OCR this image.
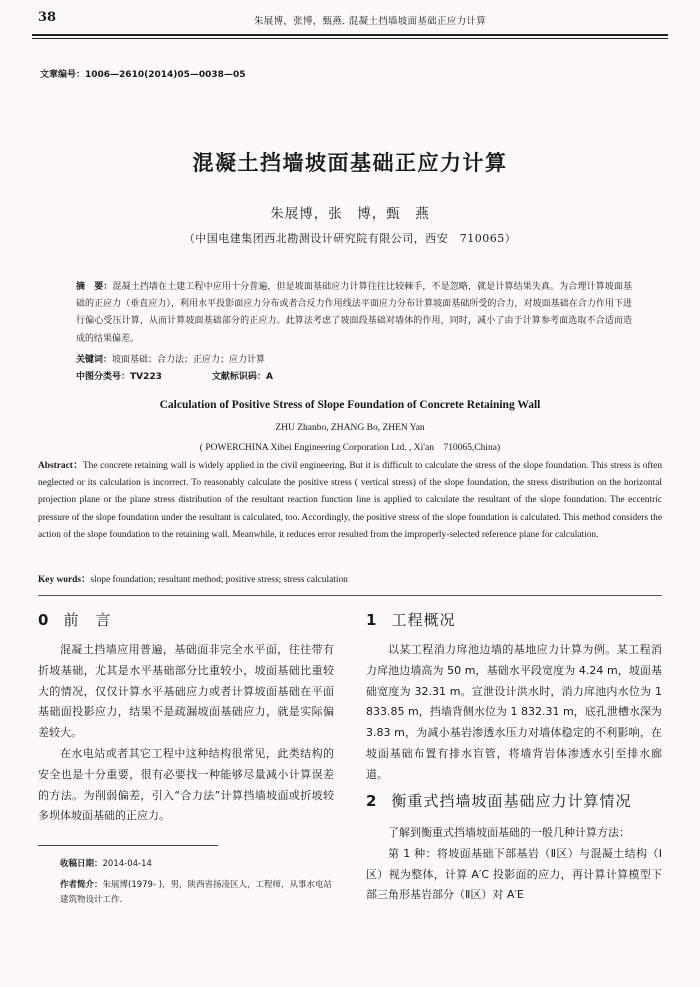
38	朱展博，张博，甄燕. 混凝土挡墙坡面基础正应力计算
文章编号：1006—2610(2014)05—0038—05
混凝土挡墙坡面基础正应力计算
朱展博，张　博，甄　燕
（中国电建集团西北勘测设计研究院有限公司，西安　710065）
摘　要：混凝土挡墙在土建工程中应用十分普遍，但是坡面基础应力计算往往比较棘手，不是忽略，就是计算结果失真。为合理计算坡面基础的正应力（垂直应力），利用水平投影面应力分布或者合反力作用线法平面应力分布计算坡面基础所受的合力，对坡面基础在合力作用下进行偏心受压计算，从而计算坡面基础部分的正应力。此算法考虑了坡面段基础对墙体的作用，同时，减小了由于计算参考面选取不合适而造成的结果偏差。
关键词：坡面基础；合力法；正应力；应力计算
中图分类号：TV223	文献标识码：A
Calculation of Positive Stress of Slope Foundation of Concrete Retaining Wall
ZHU Zhanbo, ZHANG Bo, ZHEN Yan
( POWERCHINA Xibei Engineering Corporation Ltd. , Xi'an　710065,China)
Abstract：The concrete retaining wall is widely applied in the civil engineering. But it is difficult to calculate the stress of the slope foundation. This stress is often neglected or its calculation is incorrect. To reasonably calculate the positive stress ( vertical stress) of the slope foundation, the stress distribution on the horizontal projection plane or the plane stress distribution of the resultant reaction function line is applied to calculate the resultant of the slope foundation. The eccentric pressure of the slope foundation under the resultant is calculated, too. Accordingly, the positive stress of the slope foundation is calculated. This method considers the action of the slope foundation to the retaining wall. Meanwhile, it reduces error resulted from the improperly-selected reference plane for calculation.
Key words：slope foundation; resultant method; positive stress; stress calculation
0 前　言

混凝土挡墙应用普遍，基础面非完全水平面，往往带有折坡基础，尤其是水平基础部分比重较小，坡面基础比重较大的情况，仅仅计算水平基础应力或者计算坡面基础在平面基础面投影应力，结果不是疏漏坡面基础应力，就是实际偏差较大。

在水电站或者其它工程中这种结构很常见，此类结构的安全也是十分重要，很有必要找一种能够尽量减小计算误差的方法。为削弱偏差，引入“合力法”计算挡墙坡面或折坡较多坝体坡面基础的正应力。

1 工程概况

以某工程消力戽池边墙的基地应力计算为例。某工程消力戽池边墙高为 50 m，基础水平段宽度为 4.24 m，坡面基础宽度为 32.31 m。宣泄设计洪水时，消力戽池内水位为 1 833.85 m，挡墙背侧水位为 1 832.31 m，底孔泄槽水深为 3.83 m，为减小基岩渗透水压力对墙体稳定的不利影响，在坡面基础布置有排水盲管，将墙背岩体渗透水引至排水廊道。

2 衡重式挡墙坡面基础应力计算情况

了解到衡重式挡墙坡面基础的一般几种计算方法：

第 1 种：将坡面基础下部基岩（Ⅱ区）与混凝土结构（Ⅰ区）视为整体，计算 A′C 投影面的应力，再计算计算模型下部三角形基岩部分（Ⅱ区）对 A′E

收稿日期：2014-04-14
作者简介：朱展博(1979- )，男，陕西省扬凌区人，工程师，从事水电站建筑物设计工作.
